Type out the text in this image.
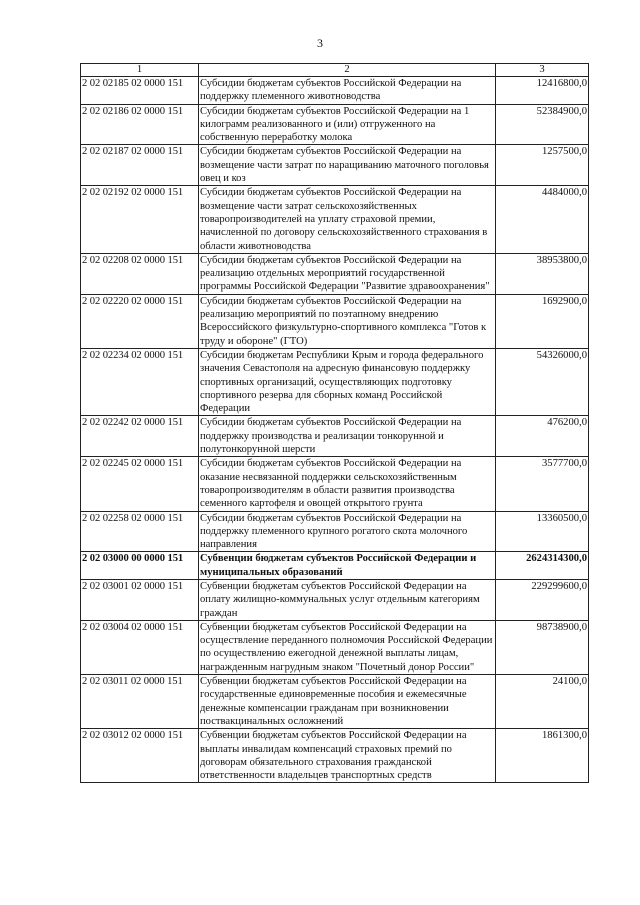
3
1	2	3
2 02 02185 02 0000 151	Субсидии бюджетам субъектов Российской Федерации на поддержку племенного животноводства	12416800,0
2 02 02186 02 0000 151	Субсидии бюджетам субъектов Российской Федерации на 1 килограмм реализованного и (или) отгруженного на собственную переработку молока	52384900,0
2 02 02187 02 0000 151	Субсидии бюджетам субъектов Российской Федерации на возмещение части затрат по наращиванию маточного поголовья овец и коз	1257500,0
2 02 02192 02 0000 151	Субсидии бюджетам субъектов Российской Федерации на возмещение части затрат сельскохозяйственных товаропроизводителей на уплату страховой премии, начисленной по договору сельскохозяйственного страхования в области животноводства	4484000,0
2 02 02208 02 0000 151	Субсидии бюджетам субъектов Российской Федерации на реализацию отдельных мероприятий государственной программы Российской Федерации "Развитие здравоохранения"	38953800,0
2 02 02220 02 0000 151	Субсидии бюджетам субъектов Российской Федерации на реализацию мероприятий по поэтапному внедрению Всероссийского физкультурно-спортивного комплекса "Готов к труду и обороне" (ГТО)	1692900,0
2 02 02234 02 0000 151	Субсидии бюджетам Республики Крым и города федерального значения Севастополя на адресную финансовую поддержку спортивных организаций, осуществляющих подготовку спортивного резерва для сборных команд Российской Федерации	54326000,0
2 02 02242 02 0000 151	Субсидии бюджетам субъектов Российской Федерации на поддержку производства и реализации тонкорунной и полутонкорунной шерсти	476200,0
2 02 02245 02 0000 151	Субсидии бюджетам субъектов Российской Федерации на оказание несвязанной поддержки сельскохозяйственным товаропроизводителям в области развития производства семенного картофеля и овощей открытого грунта	3577700,0
2 02 02258 02 0000 151	Субсидии бюджетам субъектов Российской Федерации на поддержку племенного крупного рогатого скота молочного направления	13360500,0
2 02 03000 00 0000 151	Субвенции бюджетам субъектов Российской Федерации и муниципальных образований	2624314300,0
2 02 03001 02 0000 151	Субвенции бюджетам субъектов Российской Федерации на оплату жилищно-коммунальных услуг отдельным категориям граждан	229299600,0
2 02 03004 02 0000 151	Субвенции бюджетам субъектов Российской Федерации на осуществление переданного полномочия Российской Федерации по осуществлению ежегодной денежной выплаты лицам, награжденным нагрудным знаком "Почетный донор России"	98738900,0
2 02 03011 02 0000 151	Субвенции бюджетам субъектов Российской Федерации на государственные единовременные пособия и ежемесячные денежные компенсации гражданам при возникновении поствакцинальных осложнений	24100,0
2 02 03012 02 0000 151	Субвенции бюджетам субъектов Российской Федерации на выплаты инвалидам компенсаций страховых премий по договорам обязательного страхования гражданской ответственности владельцев транспортных средств	1861300,0
